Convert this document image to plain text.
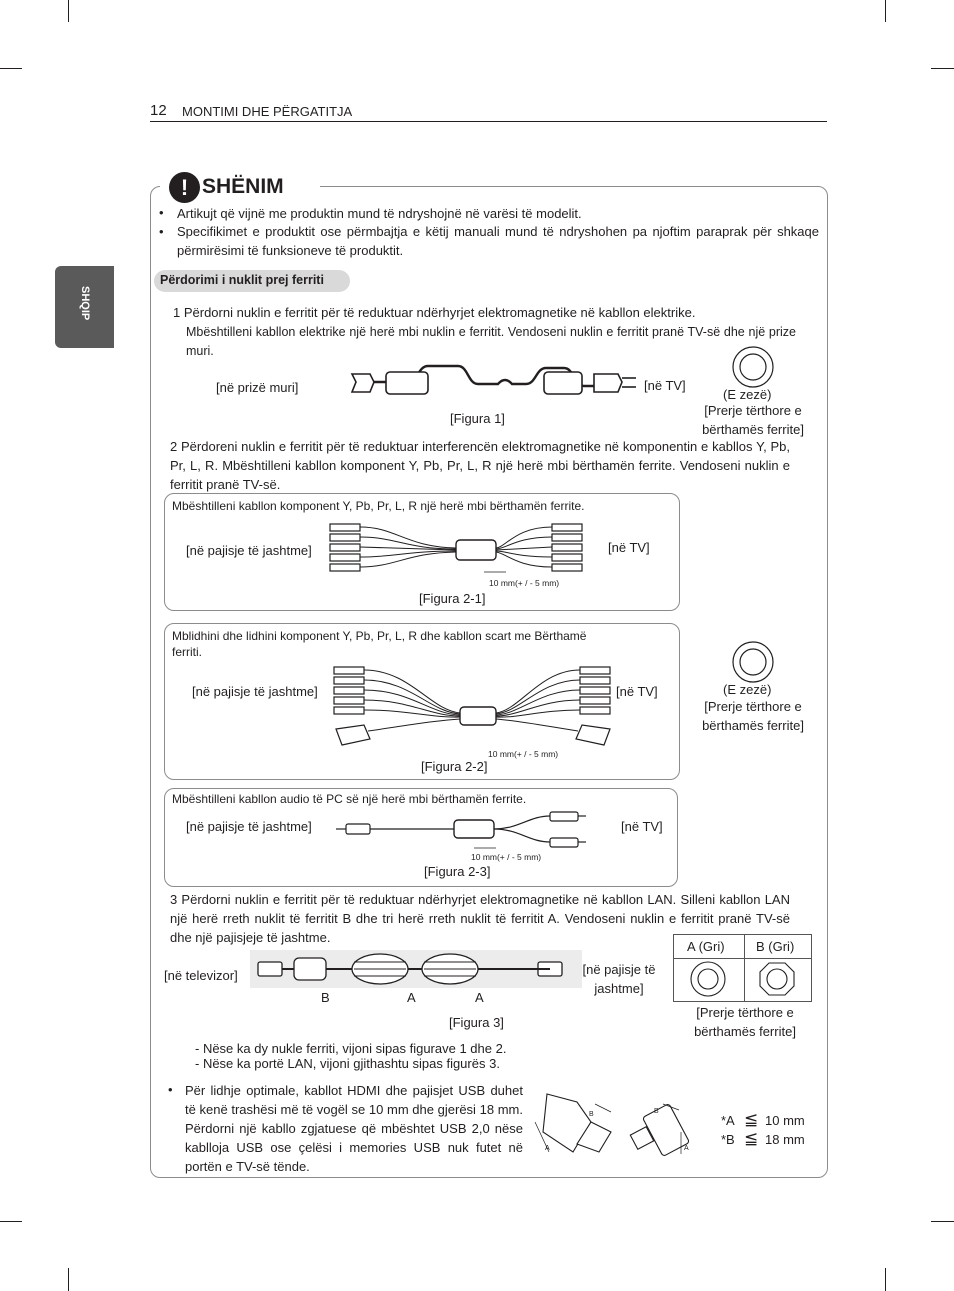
12 MONTIMI DHE PËRGATITJA
SHQIP
! SHËNIM
• Artikujt që vijnë me produktin mund të ndryshojnë në varësi të modelit.
• Specifikimet e produktit ose përmbajtja e këtij manuali mund të ndryshohen pa njoftim paraprak për shkaqe përmirësimi të funksioneve të produktit.
Përdorimi i nuklit prej ferriti
1 Përdorni nuklin e ferritit për të reduktuar ndërhyrjet elektromagnetike në kabllon elektrike.
Mbështilleni kabllon elektrike një herë mbi nuklin e ferritit. Vendoseni nuklin e ferritit pranë TV-së dhe një prize muri.
[në prizë muri]	[në TV]
[Figura 1]
(E zezë)
[Prerje tërthore e bërthamës ferrite]
2 Përdoreni nuklin e ferritit për të reduktuar interferencën elektromagnetike në komponentin e kabllos Y, Pb, Pr, L, R. Mbështilleni kabllon komponent Y, Pb, Pr, L, R një herë mbi bërthamën ferrite. Vendoseni nuklin e ferritit pranë TV-së.
Mbështilleni kabllon komponent Y, Pb, Pr, L, R një herë mbi bërthamën ferrite.
[në pajisje të jashtme]	[në TV]
10 mm(+ / - 5 mm)
[Figura 2-1]
Mblidhini dhe lidhini komponent Y, Pb, Pr, L, R dhe kabllon scart me Bërthamë ferriti.
[në pajisje të jashtme]	[në TV]
10 mm(+ / - 5 mm)
[Figura 2-2]
(E zezë)
[Prerje tërthore e bërthamës ferrite]
Mbështilleni kabllon audio të PC së një herë mbi bërthamën ferrite.
[në pajisje të jashtme]	[në TV]
10 mm(+ / - 5 mm)
[Figura 2-3]
3 Përdorni nuklin e ferritit për të reduktuar ndërhyrjet elektromagnetike në kabllon LAN. Silleni kabllon LAN një herë rreth nuklit të ferritit B dhe tri herë rreth nuklit të ferritit A. Vendoseni nuklin e ferritit pranë TV-së dhe një pajisjeje të jashtme.
[në televizor]	[në pajisje të jashtme]
B	A	A
[Figura 3]
A (Gri) B (Gri)
[Prerje tërthore e bërthamës ferrite]
- Nëse ka dy nukle ferriti, vijoni sipas figurave 1 dhe 2.
- Nëse ka portë LAN, vijoni gjithashtu sipas figurës 3.
• Për lidhje optimale, kabllot HDMI dhe pajisjet USB duhet të kenë trashësi më të vogël se 10 mm dhe gjerësi 18 mm. Përdorni një kabllo zgjatuese që mbështet USB 2,0 nëse kablloja USB ose çelësi i memories USB nuk futet në portën e TV-së tënde.
A
B	B
A
*A ≦ 10 mm
*B ≦ 18 mm
